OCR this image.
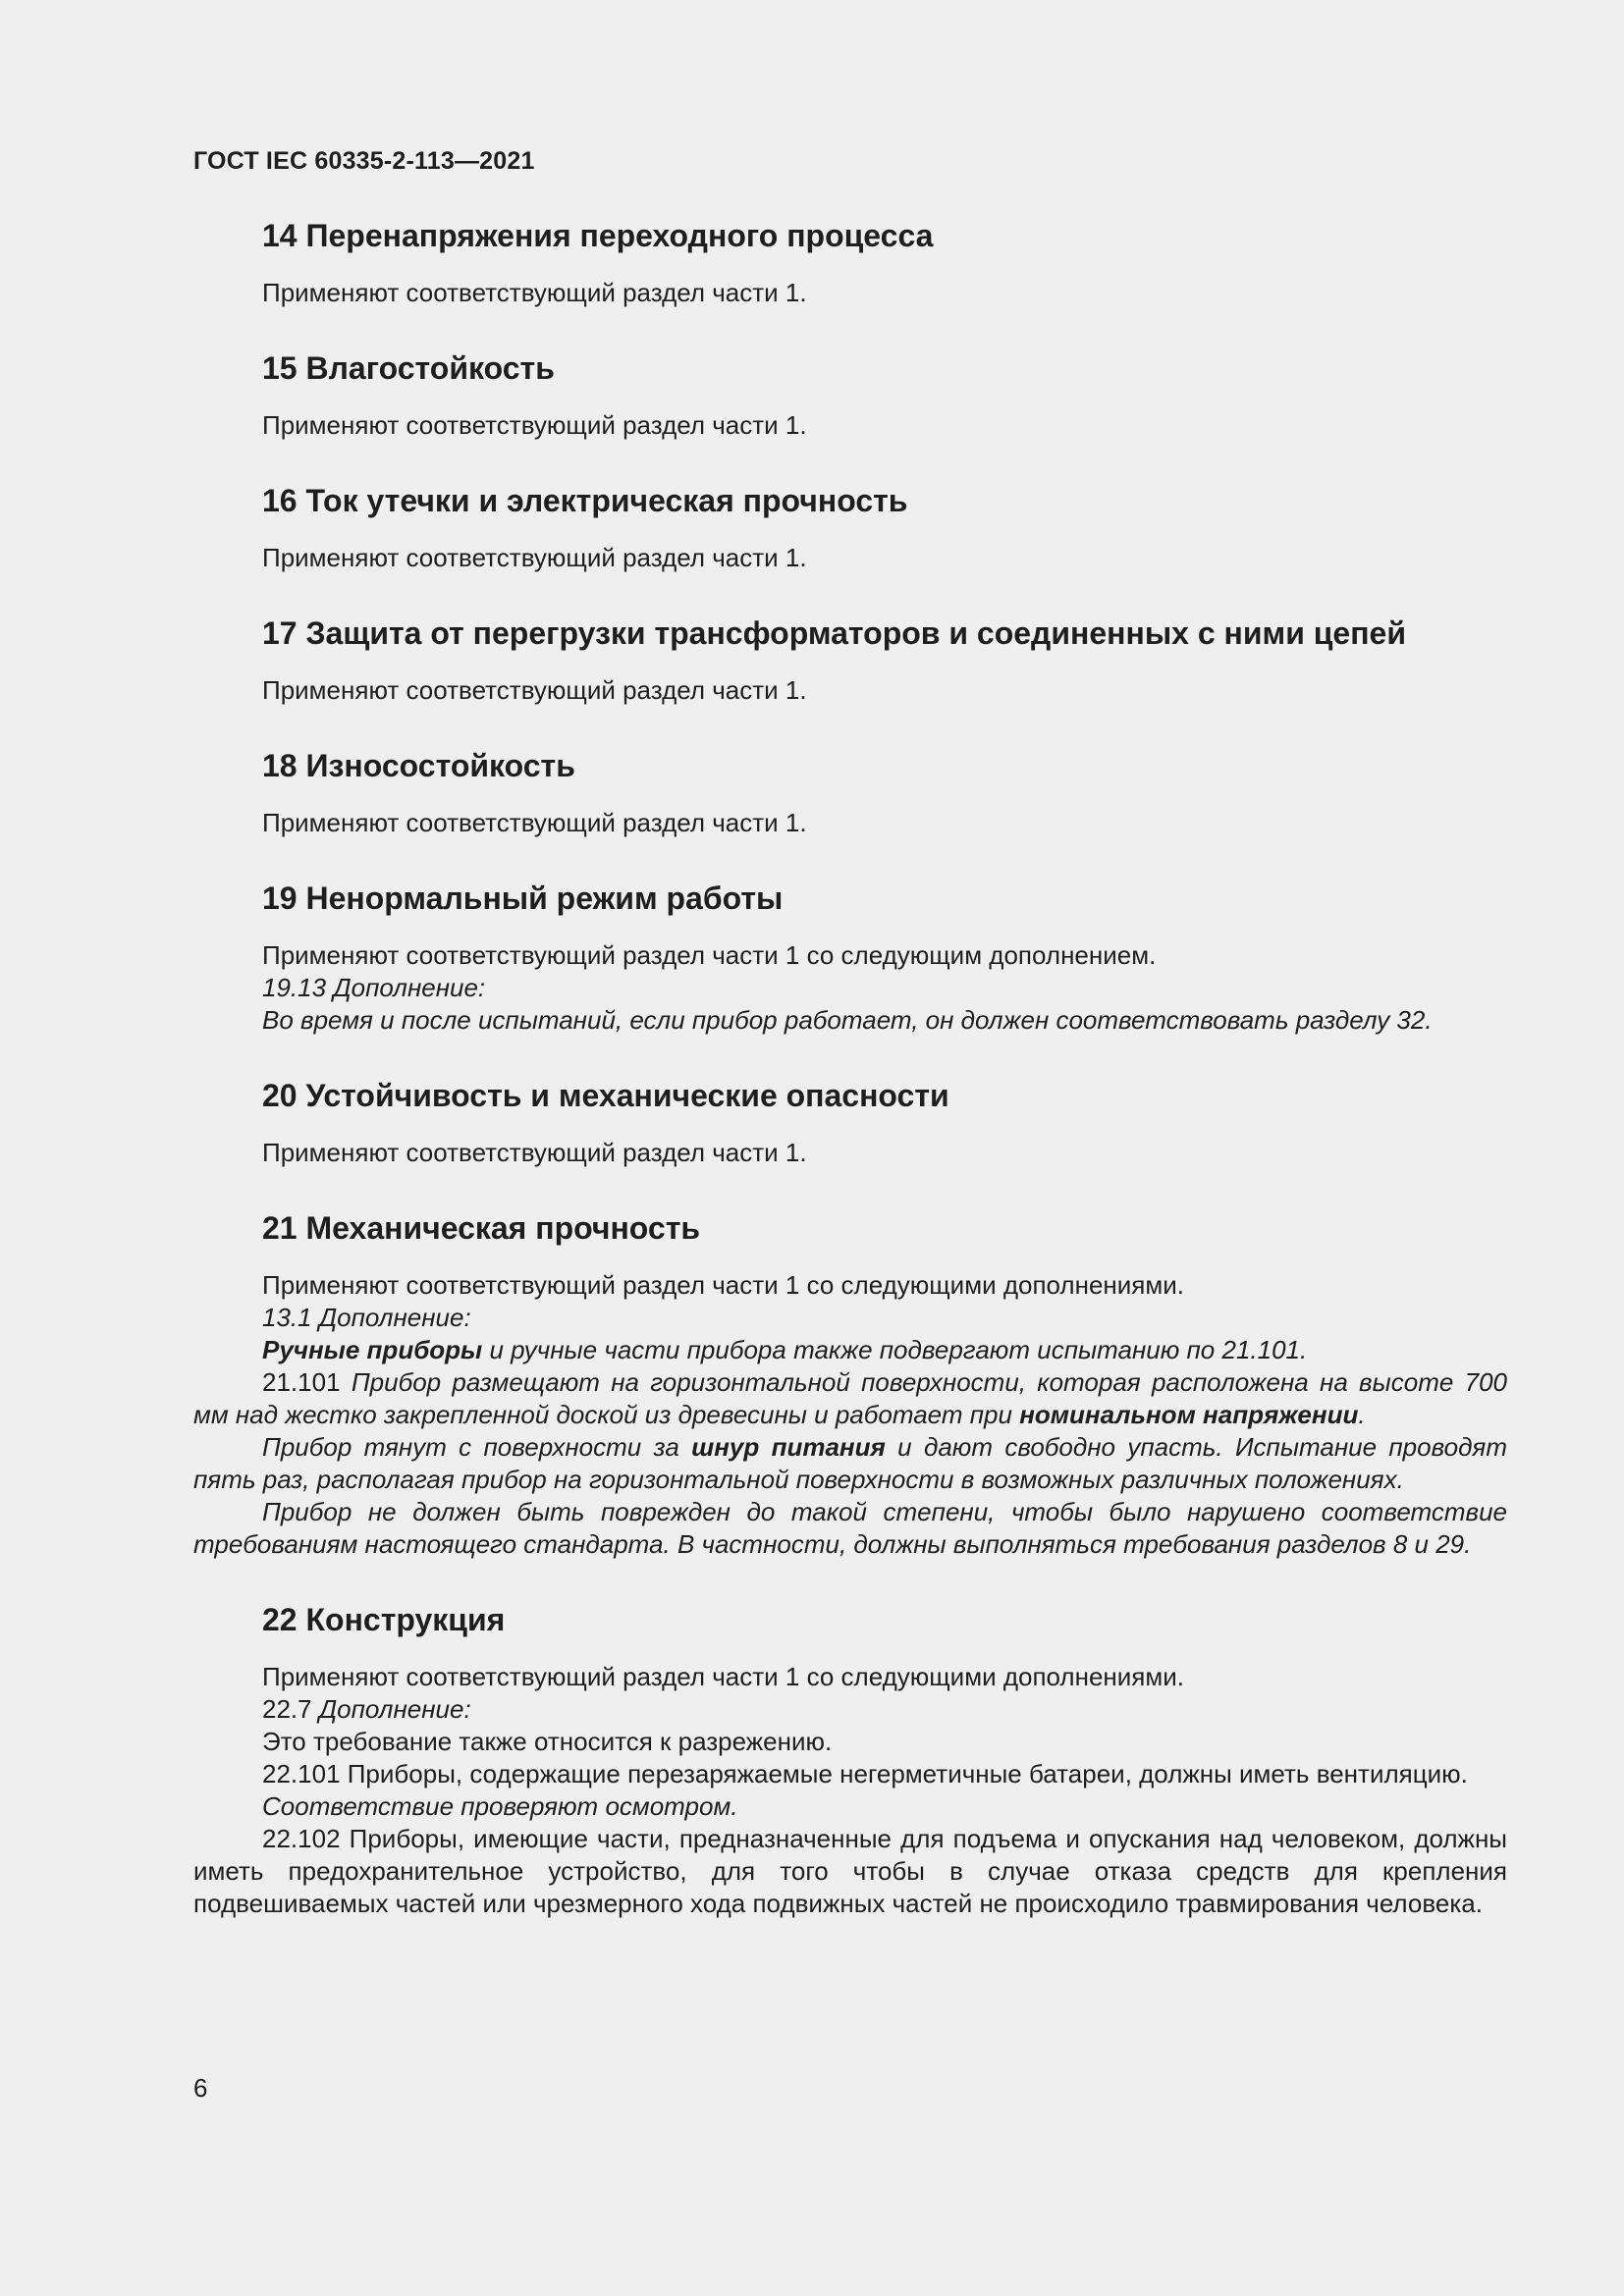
ГОСТ IEC 60335-2-113—2021
14 Перенапряжения переходного процесса

Применяют соответствующий раздел части 1.

15 Влагостойкость

Применяют соответствующий раздел части 1.

16 Ток утечки и электрическая прочность

Применяют соответствующий раздел части 1.

17 Защита от перегрузки трансформаторов и соединенных с ними цепей

Применяют соответствующий раздел части 1.

18 Износостойкость

Применяют соответствующий раздел части 1.

19 Ненормальный режим работы

Применяют соответствующий раздел части 1 со следующим дополнением.

19.13 Дополнение:

Во время и после испытаний, если прибор работает, он должен соответствовать разделу 32.

20 Устойчивость и механические опасности

Применяют соответствующий раздел части 1.

21 Механическая прочность

Применяют соответствующий раздел части 1 со следующими дополнениями.

13.1 Дополнение:

Ручные приборы и ручные части прибора также подвергают испытанию по 21.101.

21.101 Прибор размещают на горизонтальной поверхности, которая расположена на высоте 700 мм над жестко закрепленной доской из древесины и работает при номинальном напряжении.

Прибор тянут с поверхности за шнур питания и дают свободно упасть. Испытание проводят пять раз, располагая прибор на горизонтальной поверхности в возможных различных положениях.

Прибор не должен быть поврежден до такой степени, чтобы было нарушено соответствие требованиям настоящего стандарта. В частности, должны выполняться требования разделов 8 и 29.

22 Конструкция

Применяют соответствующий раздел части 1 со следующими дополнениями.

22.7 Дополнение:

Это требование также относится к разрежению.

22.101 Приборы, содержащие перезаряжаемые негерметичные батареи, должны иметь вентиляцию.

Соответствие проверяют осмотром.

22.102 Приборы, имеющие части, предназначенные для подъема и опускания над человеком, должны иметь предохранительное устройство, для того чтобы в случае отказа средств для крепления подвешиваемых частей или чрезмерного хода подвижных частей не происходило травмирования человека.

6
